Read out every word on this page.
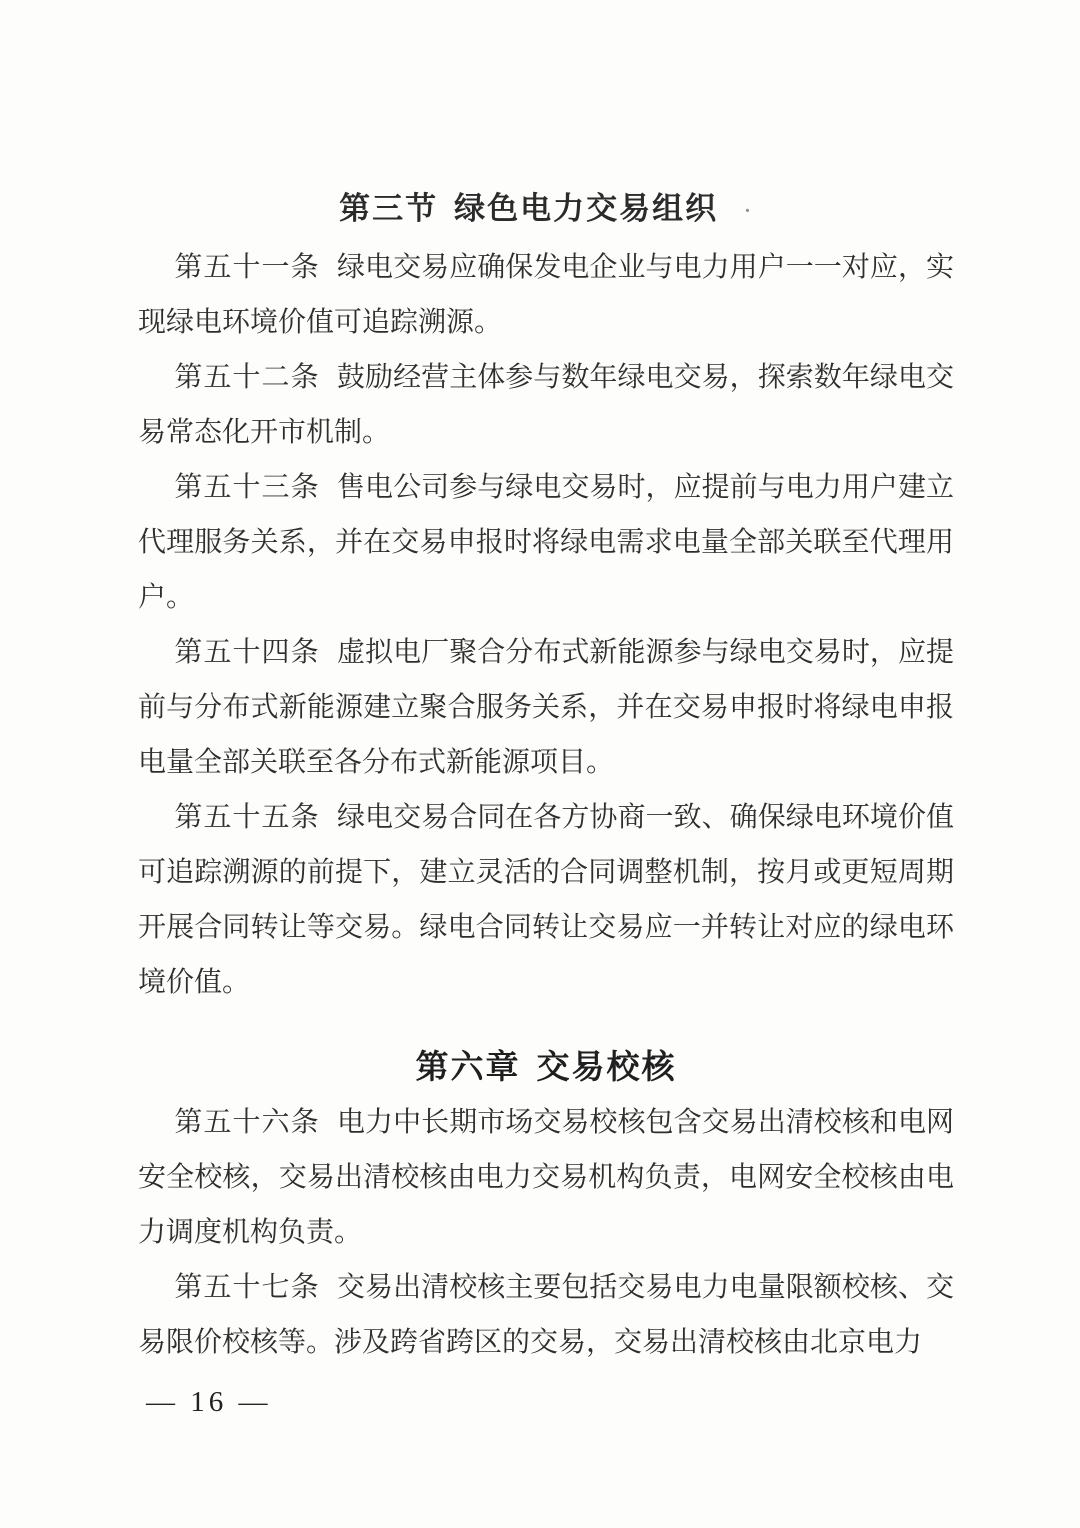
第三节 绿色电力交易组织 ·

第五十一条 绿电交易应确保发电企业与电力用户一一对应，实现绿电环境价值可追踪溯源。

第五十二条 鼓励经营主体参与数年绿电交易，探索数年绿电交易常态化开市机制。

第五十三条 售电公司参与绿电交易时，应提前与电力用户建立代理服务关系，并在交易申报时将绿电需求电量全部关联至代理用户。

第五十四条 虚拟电厂聚合分布式新能源参与绿电交易时，应提前与分布式新能源建立聚合服务关系，并在交易申报时将绿电申报电量全部关联至各分布式新能源项目。

第五十五条 绿电交易合同在各方协商一致、确保绿电环境价值可追踪溯源的前提下，建立灵活的合同调整机制，按月或更短周期开展合同转让等交易。绿电合同转让交易应一并转让对应的绿电环境价值。

第六章 交易校核

第五十六条 电力中长期市场交易校核包含交易出清校核和电网安全校核，交易出清校核由电力交易机构负责，电网安全校核由电力调度机构负责。

第五十七条 交易出清校核主要包括交易电力电量限额校核、交易限价校核等。涉及跨省跨区的交易，交易出清校核由北京电力

— 16 —
